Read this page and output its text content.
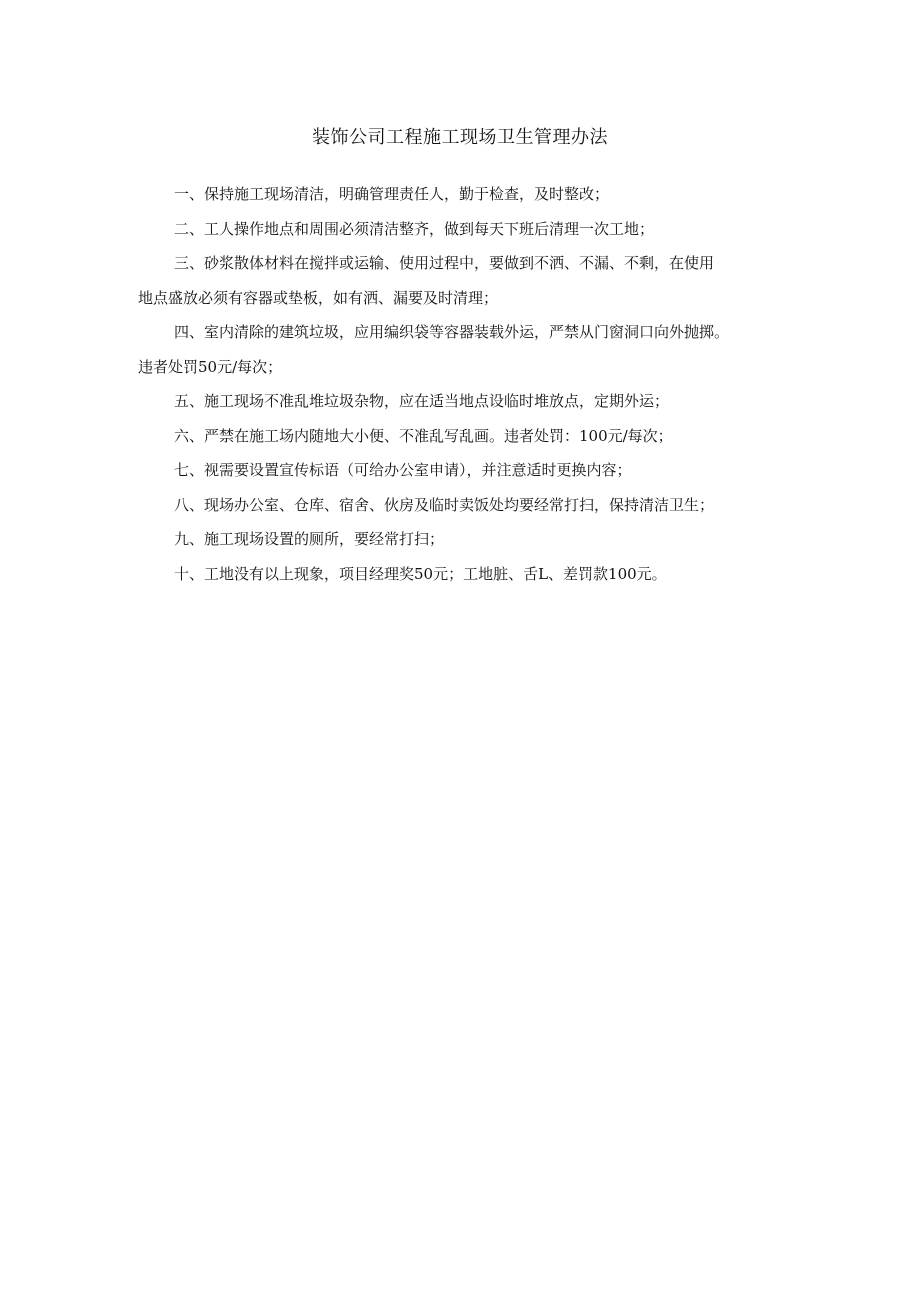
装饰公司工程施工现场卫生管理办法
一、保持施工现场清洁，明确管理责任人，勤于检查，及时整改；
二、工人操作地点和周围必须清洁整齐，做到每天下班后清理一次工地；
三、砂浆散体材料在搅拌或运输、使用过程中，要做到不洒、不漏、不剩，在使用
地点盛放必须有容器或垫板，如有洒、漏要及时清理；
四、室内清除的建筑垃圾，应用编织袋等容器装载外运，严禁从门窗洞口向外抛掷。
违者处罚50元/每次；
五、施工现场不准乱堆垃圾杂物，应在适当地点设临时堆放点，定期外运；
六、严禁在施工场内随地大小便、不准乱写乱画。违者处罚：100元/每次；
七、视需要设置宣传标语（可给办公室申请），并注意适时更换内容；
八、现场办公室、仓库、宿舍、伙房及临时卖饭处均要经常打扫，保持清洁卫生；
九、施工现场设置的厕所，要经常打扫；
十、工地没有以上现象，项目经理奖50元；工地脏、舌L、差罚款100元。
